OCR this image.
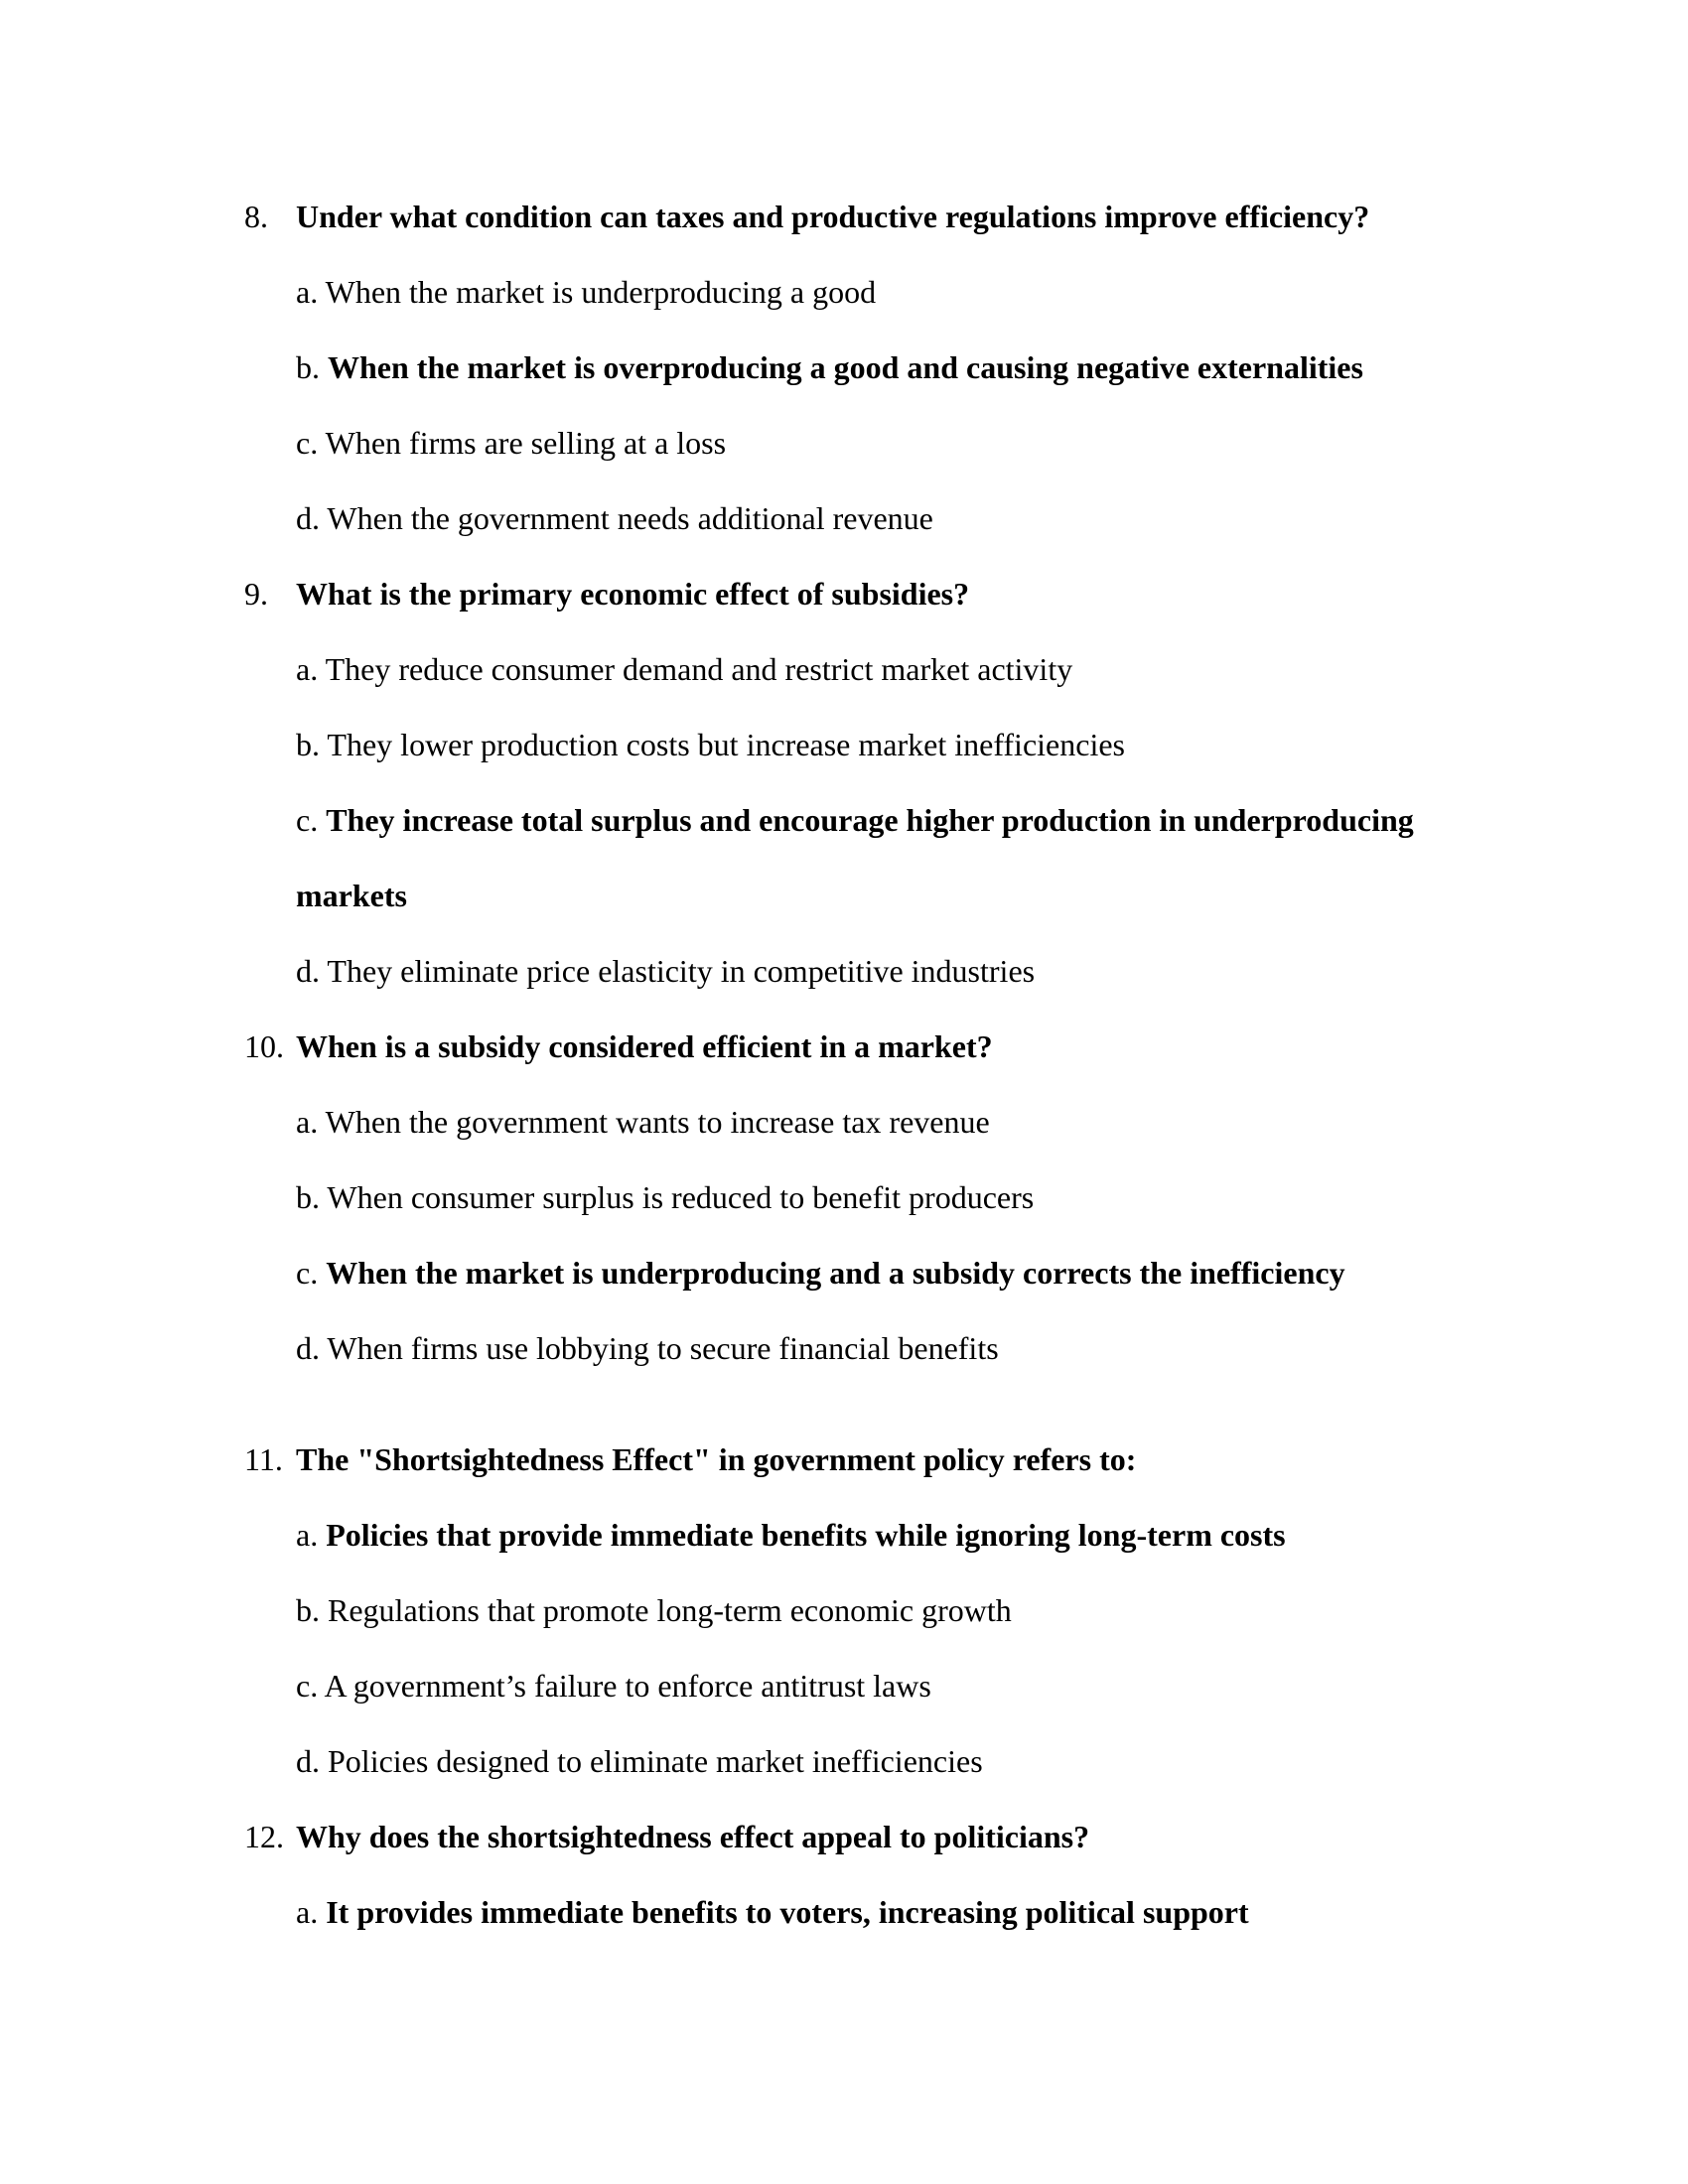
8. Under what condition can taxes and productive regulations improve efficiency?
a. When the market is underproducing a good
b. When the market is overproducing a good and causing negative externalities
c. When firms are selling at a loss
d. When the government needs additional revenue
9. What is the primary economic effect of subsidies?
a. They reduce consumer demand and restrict market activity
b. They lower production costs but increase market inefficiencies
c. They increase total surplus and encourage higher production in underproducing
markets
d. They eliminate price elasticity in competitive industries
10. When is a subsidy considered efficient in a market?
a. When the government wants to increase tax revenue
b. When consumer surplus is reduced to benefit producers
c. When the market is underproducing and a subsidy corrects the inefficiency
d. When firms use lobbying to secure financial benefits
11. The "Shortsightedness Effect" in government policy refers to:
a. Policies that provide immediate benefits while ignoring long-term costs
b. Regulations that promote long-term economic growth
c. A government’s failure to enforce antitrust laws
d. Policies designed to eliminate market inefficiencies
12. Why does the shortsightedness effect appeal to politicians?
a. It provides immediate benefits to voters, increasing political support
